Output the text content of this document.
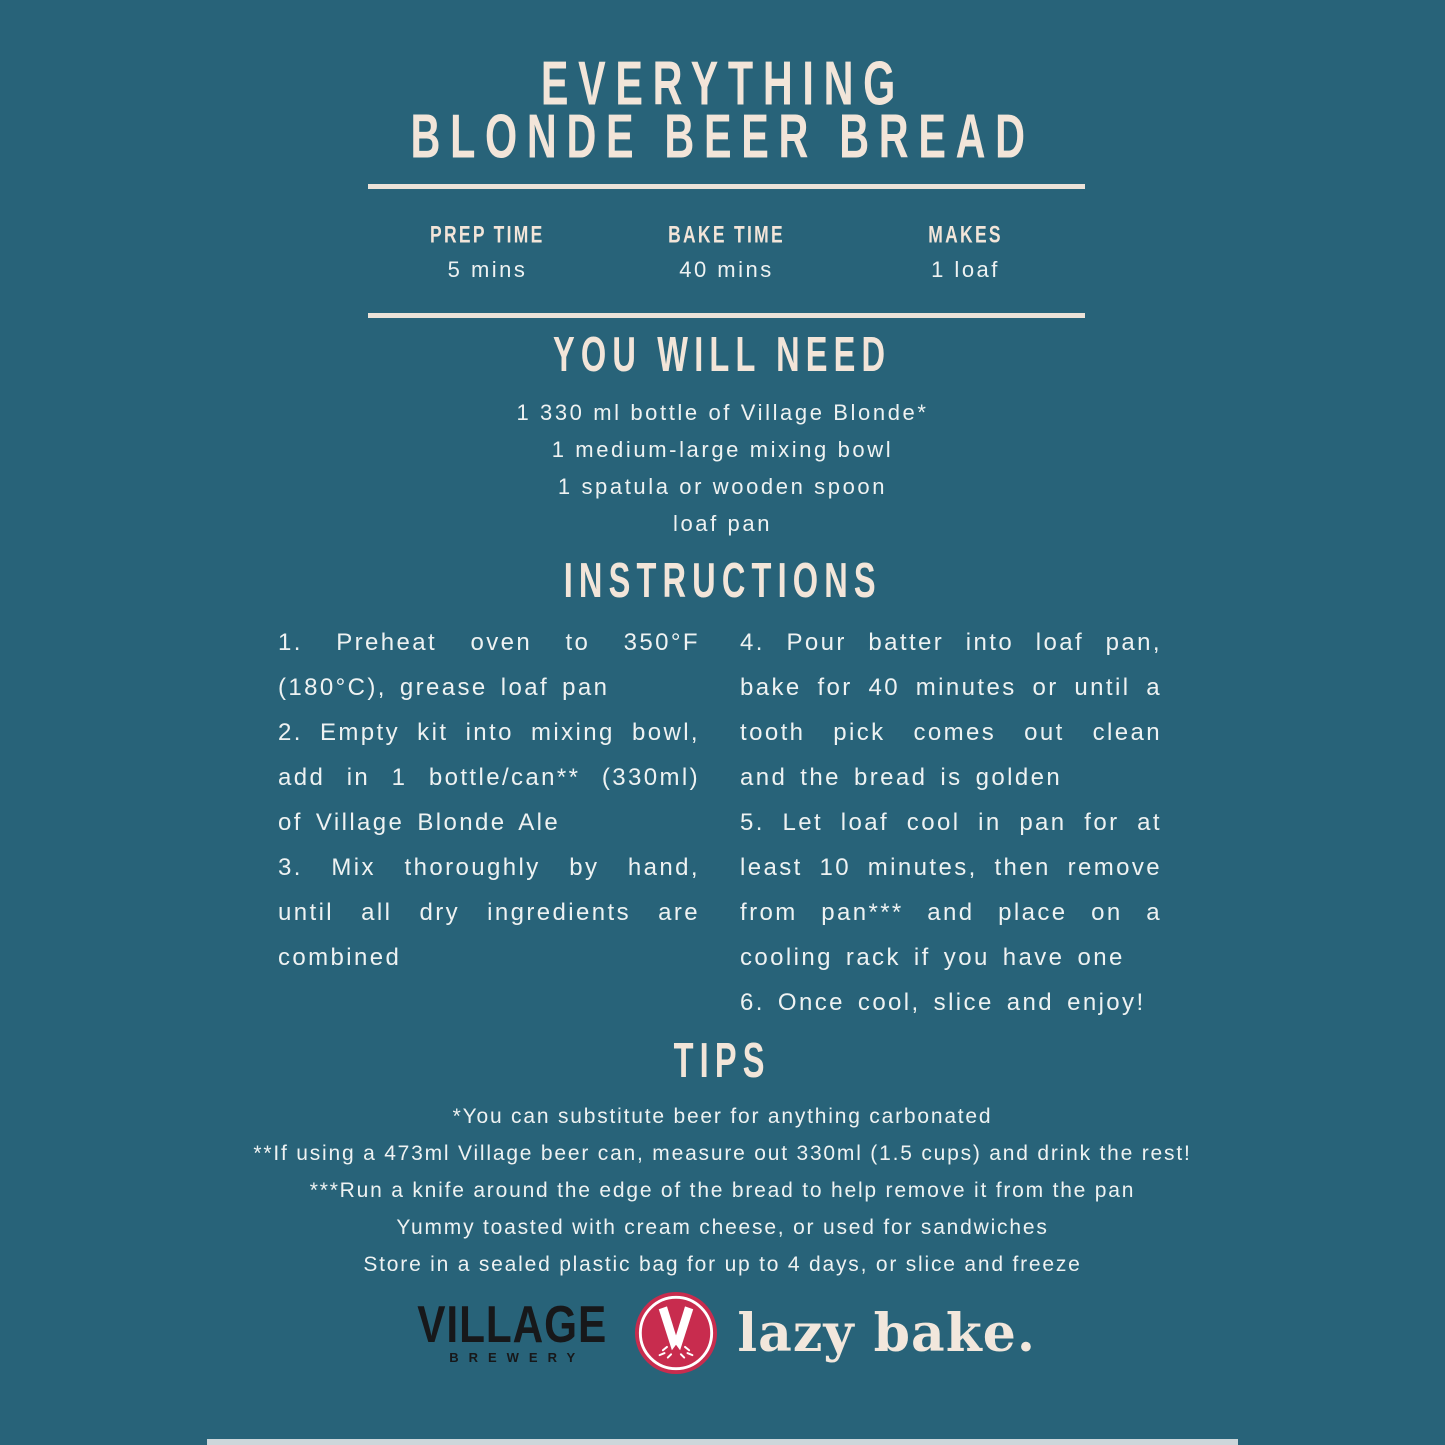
EVERYTHING
BLONDE BEER BREAD
PREP TIME
5 mins
BAKE TIME
40 mins
MAKES
1 loaf
YOU WILL NEED
1 330 ml bottle of Village Blonde*
1 medium-large mixing bowl
1 spatula or wooden spoon
loaf pan
INSTRUCTIONS

1. Preheat oven to 350°F (180°C), grease loaf pan

2. Empty kit into mixing bowl, add in 1 bottle/can** (330ml) of Village Blonde Ale

3. Mix thoroughly by hand, until all dry ingredients are combined

4. Pour batter into loaf pan, bake for 40 minutes or until a tooth pick comes out clean and the bread is golden

5. Let loaf cool in pan for at least 10 minutes, then remove from pan*** and place on a cooling rack if you have one

6. Once cool, slice and enjoy!

TIPS
*You can substitute beer for anything carbonated
**If using a 473ml Village beer can, measure out 330ml (1.5 cups) and drink the rest!
***Run a knife around the edge of the bread to help remove it from the pan
Yummy toasted with cream cheese, or used for sandwiches
Store in a sealed plastic bag for up to 4 days, or slice and freeze
VILLAGE
BREWERY	lazy bake.
